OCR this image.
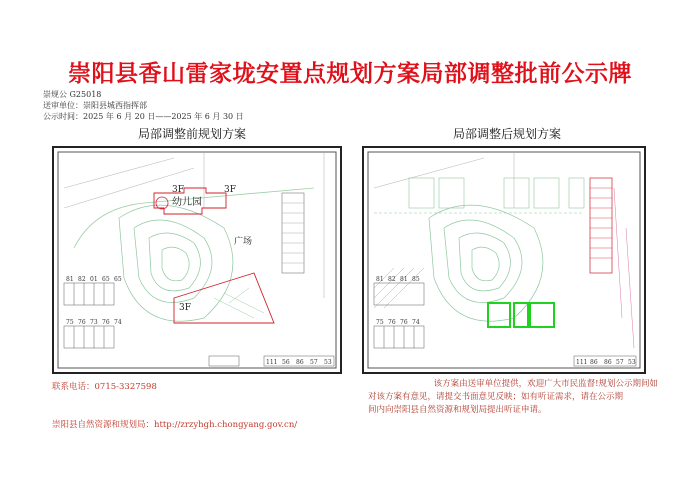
崇阳县香山雷家垅安置点规划方案局部调整批前公示牌
崇规公 G25018
送审单位：崇阳县城西指挥部
公示时间：2025 年 6 月 20 日——2025 年 6 月 30 日
局部调整前规划方案	局部调整后规划方案
幼儿园
3F	3F
广场
3F
81 82 01 65 65
75 76 73 76 74
111 56 86 57 53
81 82 81 85
75 76 76 74
111 86 86 57 53
联系电话：0715-3327598
崇阳县自然资源和规划局：http://zrzyhgh.chongyang.gov.cn/
该方案由送审单位提供，欢迎广大市民监督!规划公示期间如
对该方案有意见，请提交书面意见反映；如有听证需求，请在公示期
间内向崇阳县自然资源和规划局提出听证申请。
